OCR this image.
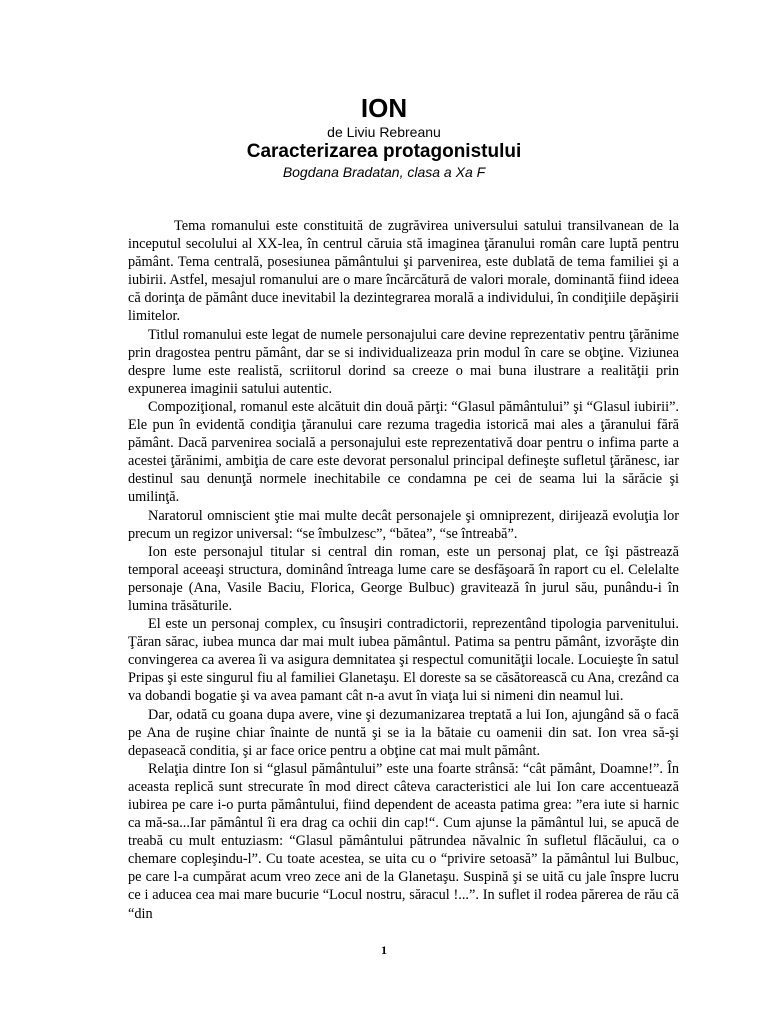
ION
de Liviu Rebreanu
Caracterizarea protagonistului
Bogdana Bradatan, clasa a Xa F

Tema romanului este constituită de zugrăvirea universului satului transilvanean de la inceputul secolului al XX-lea, în centrul căruia stă imaginea ţăranului român care luptă pentru pământ. Tema centrală, posesiunea pământului şi parvenirea, este dublată de tema familiei şi a iubirii. Astfel, mesajul romanului are o mare încărcătură de valori morale, dominantă fiind ideea că dorinţa de pământ duce inevitabil la dezintegrarea morală a individului, în condiţiile depăşirii limitelor.

Titlul romanului este legat de numele personajului care devine reprezentativ pentru ţărănime prin dragostea pentru pământ, dar se si individualizeaza prin modul în care se obţine. Viziunea despre lume este realistă, scriitorul dorind sa creeze o mai buna ilustrare a realităţii prin expunerea imaginii satului autentic.

Compoziţional, romanul este alcătuit din două părţi: “Glasul pământului” şi “Glasul iubirii”. Ele pun în evidentă condiţia ţăranului care rezuma tragedia istorică mai ales a ţăranului fără pământ. Dacă parvenirea socială a personajului este reprezentativă doar pentru o infima parte a acestei ţărănimi, ambiţia de care este devorat personalul principal defineşte sufletul ţărănesc, iar destinul sau denunţă normele inechitabile ce condamna pe cei de seama lui la sărăcie şi umilinţă.

Naratorul omniscient ştie mai multe decât personajele şi omniprezent, dirijează evoluţia lor precum un regizor universal: “se îmbulzesc”, “bătea”, “se întreabă”.

Ion este personajul titular si central din roman, este un personaj plat, ce îşi păstrează temporal aceeaşi structura, dominând întreaga lume care se desfăşoară în raport cu el. Celelalte personaje (Ana, Vasile Baciu, Florica, George Bulbuc) gravitează în jurul său, punându-i în lumina trăsăturile.

El este un personaj complex, cu însuşiri contradictorii, reprezentând tipologia parvenitului. Ţăran sărac, iubea munca dar mai mult iubea pământul. Patima sa pentru pământ, izvorăşte din convingerea ca averea îi va asigura demnitatea şi respectul comunităţii locale. Locuieşte în satul Pripas şi este singurul fiu al familiei Glanetaşu. El doreste sa se căsătorească cu Ana, crezând ca va dobandi bogatie şi va avea pamant cât n-a avut în viaţa lui si nimeni din neamul lui.

Dar, odată cu goana dupa avere, vine şi dezumanizarea treptată a lui Ion, ajungând să o facă pe Ana de ruşine chiar înainte de nuntă şi se ia la bătaie cu oamenii din sat. Ion vrea să-şi depaseacă conditia, şi ar face orice pentru a obţine cat mai mult pământ.

Relaţia dintre Ion si “glasul pământului” este una foarte strânsă: “cât pământ, Doamne!”. În aceasta replică sunt strecurate în mod direct câteva caracteristici ale lui Ion care accentuează iubirea pe care i-o purta pământului, fiind dependent de aceasta patima grea: ”era iute si harnic ca mă-sa...Iar pământul îi era drag ca ochii din cap!“. Cum ajunse la pământul lui, se apucă de treabă cu mult entuziasm: “Glasul pământului pătrundea năvalnic în sufletul flăcăului, ca o chemare copleşindu-l”. Cu toate acestea, se uita cu o “privire setoasă” la pământul lui Bulbuc, pe care l-a cumpărat acum vreo zece ani de la Glanetaşu. Suspină şi se uită cu jale înspre lucru ce i aducea cea mai mare bucurie “Locul nostru, săracul !...”. In suflet il rodea părerea de rău că “din

1
